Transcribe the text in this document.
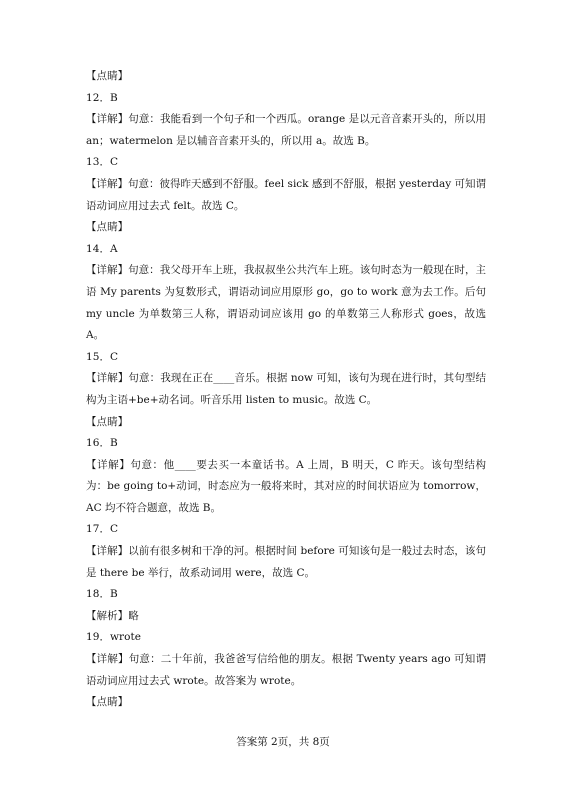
【点睛】
12．B
【详解】句意：我能看到一个句子和一个西瓜。orange 是以元音音素开头的，所以用 an；watermelon 是以辅音音素开头的，所以用 a。故选 B。
13．C
【详解】句意：彼得昨天感到不舒服。feel sick 感到不舒服，根据 yesterday 可知谓语动词应用过去式 felt。故选 C。
【点睛】
14．A
【详解】句意：我父母开车上班，我叔叔坐公共汽车上班。该句时态为一般现在时，主语 My parents 为复数形式，谓语动词应用原形 go，go to work 意为去工作。后句 my uncle 为单数第三人称，谓语动词应该用 go 的单数第三人称形式 goes，故选 A。
15．C
【详解】句意：我现在正在____音乐。根据 now 可知，该句为现在进行时，其句型结构为主语+be+动名词。听音乐用 listen to music。故选 C。
【点睛】
16．B
【详解】句意：他____要去买一本童话书。A 上周，B 明天，C 昨天。该句型结构为：be going to+动词，时态应为一般将来时，其对应的时间状语应为 tomorrow，AC 均不符合题意，故选 B。
17．C
【详解】以前有很多树和干净的河。根据时间 before 可知该句是一般过去时态，该句是 there be 举行，故系动词用 were，故选 C。
18．B
【解析】略
19．wrote
【详解】句意：二十年前，我爸爸写信给他的朋友。根据 Twenty years ago 可知谓语动词应用过去式 wrote。故答案为 wrote。
【点睛】
答案第 2页，共 8页
